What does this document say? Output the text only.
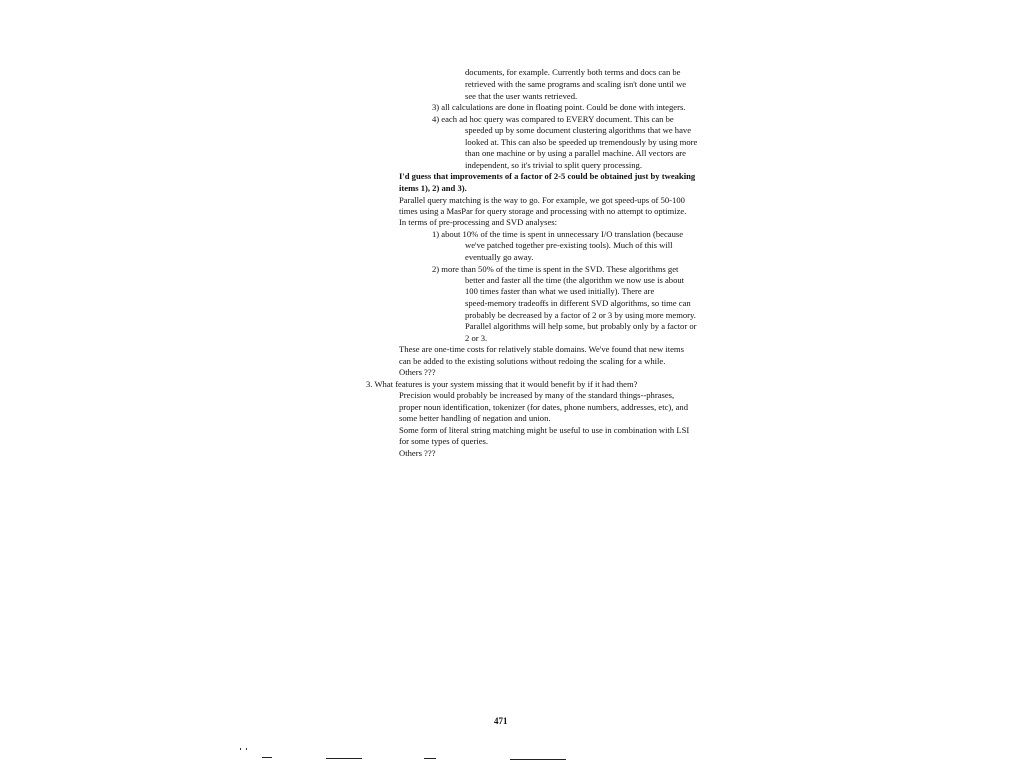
documents, for example. Currently both terms and docs can be
retrieved with the same programs and scaling isn't done until we
see that the user wants retrieved.
3) all calculations are done in floating point. Could be done with integers.
4) each ad hoc query was compared to EVERY document. This can be
speeded up by some document clustering algorithms that we have
looked at. This can also be speeded up tremendously by using more
than one machine or by using a parallel machine. All vectors are
independent, so it's trivial to split query processing.
I'd guess that improvements of a factor of 2-5 could be obtained just by tweaking
items 1), 2) and 3).
Parallel query matching is the way to go. For example, we got speed-ups of 50-100
times using a MasPar for query storage and processing with no attempt to optimize.
In terms of pre-processing and SVD analyses:
1) about 10% of the time is spent in unnecessary I/O translation (because
we've patched together pre-existing tools). Much of this will
eventually go away.
2) more than 50% of the time is spent in the SVD. These algorithms get
better and faster all the time (the algorithm we now use is about
100 times faster than what we used initially). There are
speed-memory tradeoffs in different SVD algorithms, so time can
probably be decreased by a factor of 2 or 3 by using more memory.
Parallel algorithms will help some, but probably only by a factor or
2 or 3.
These are one-time costs for relatively stable domains. We've found that new items
can be added to the existing solutions without redoing the scaling for a while.
Others ???
3. What features is your system missing that it would benefit by if it had them?
Precision would probably be increased by many of the standard things--phrases,
proper noun identification, tokenizer (for dates, phone numbers, addresses, etc), and
some better handling of negation and union.
Some form of literal string matching might be useful to use in combination with LSI
for some types of queries.
Others ???
471
